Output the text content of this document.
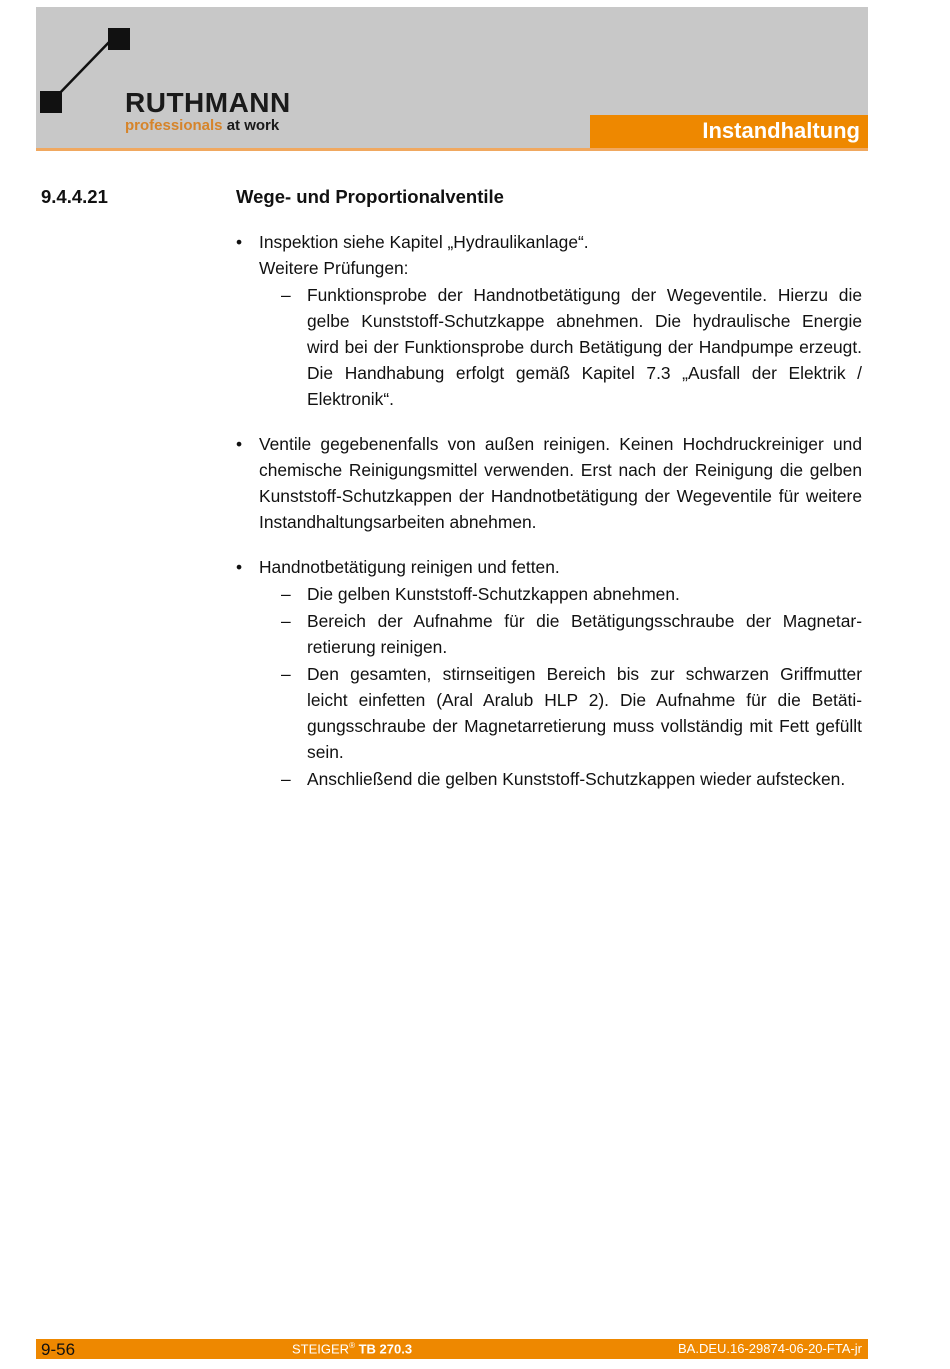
RUTHMANN
professionals at work	Instandhaltung
9.4.4.21	Wege- und Proportionalventile
• Inspektion siehe Kapitel „Hydraulikanlage“.

Weitere Prüfungen:

– Funktionsprobe der Handnotbetätigung der Wegeventile. Hierzu die gelbe Kunststoff-Schutzkappe abnehmen. Die hydraulische Energie wird bei der Funktionsprobe durch Betätigung der Handpumpe erzeugt. Die Handhabung erfolgt gemäß Kapitel 7.3 „Ausfall der Elektrik / Elektronik“.

• Ventile gegebenenfalls von außen reinigen. Keinen Hochdruckreiniger und chemische Reinigungsmittel verwenden. Erst nach der Reinigung die gelben Kunststoff-Schutzkappen der Handnotbetätigung der Wegeventile für weitere Instandhaltungsarbeiten abnehmen.

• Handnotbetätigung reinigen und fetten.

– Die gelben Kunststoff-Schutzkappen abnehmen.

– Bereich der Aufnahme für die Betätigungsschraube der Magnetarretierung reinigen.

– Den gesamten, stirnseitigen Bereich bis zur schwarzen Griffmutter leicht einfetten (Aral Aralub HLP 2). Die Aufnahme für die Betätigungsschraube der Magnetarretierung muss vollständig mit Fett gefüllt sein.

– Anschließend die gelben Kunststoff-Schutzkappen wieder aufstecken.

9-56	STEIGER® TB 270.3	BA.DEU.16-29874-06-20-FTA-jr
